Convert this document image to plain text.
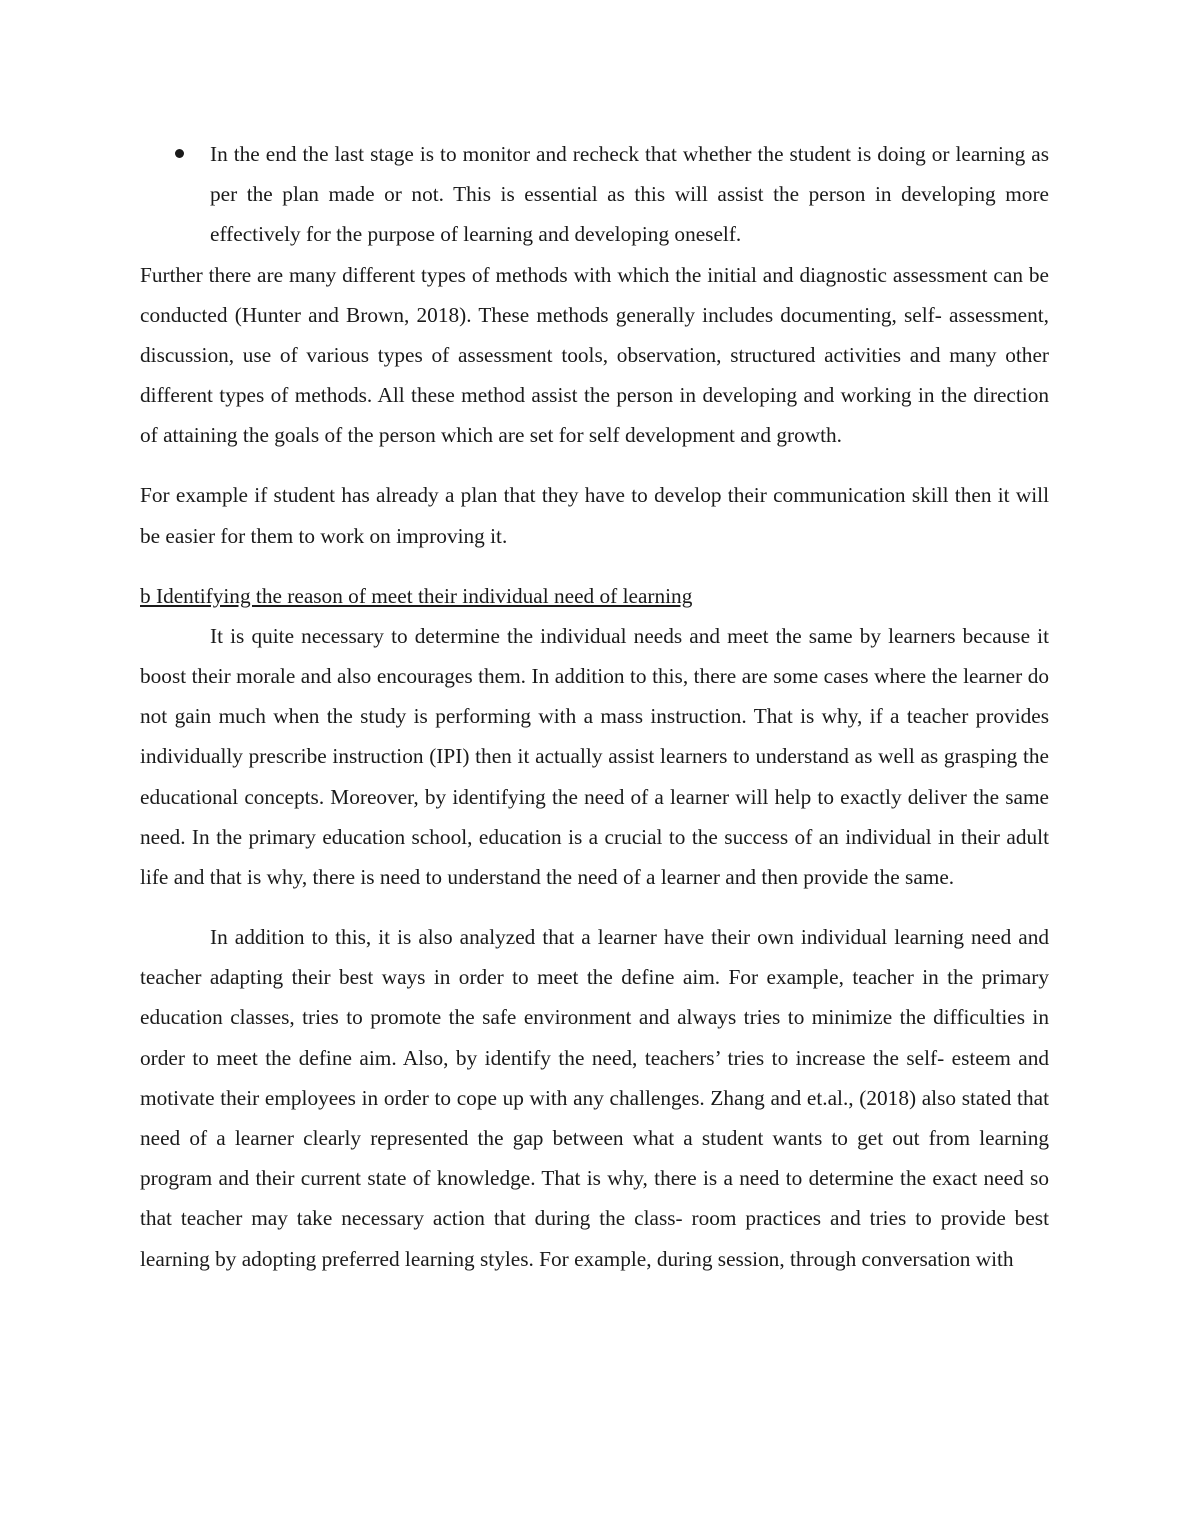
In the end the last stage is to monitor and recheck that whether the student is doing or learning as per the plan made or not. This is essential as this will assist the person in developing more effectively for the purpose of learning and developing oneself.

Further there are many different types of methods with which the initial and diagnostic assessment can be conducted (Hunter and Brown, 2018). These methods generally includes documenting, self- assessment, discussion, use of various types of assessment tools, observation, structured activities and many other different types of methods. All these method assist the person in developing and working in the direction of attaining the goals of the person which are set for self development and growth.

For example if student has already a plan that they have to develop their communication skill then it will be easier for them to work on improving it.

b Identifying the reason of meet their individual need of learning

It is quite necessary to determine the individual needs and meet the same by learners because it boost their morale and also encourages them. In addition to this, there are some cases where the learner do not gain much when the study is performing with a mass instruction. That is why, if a teacher provides individually prescribe instruction (IPI) then it actually assist learners to understand as well as grasping the educational concepts. Moreover, by identifying the need of a learner will help to exactly deliver the same need. In the primary education school, education is a crucial to the success of an individual in their adult life and that is why, there is need to understand the need of a learner and then provide the same.

In addition to this, it is also analyzed that a learner have their own individual learning need and teacher adapting their best ways in order to meet the define aim. For example, teacher in the primary education classes, tries to promote the safe environment and always tries to minimize the difficulties in order to meet the define aim. Also, by identify the need, teachers’ tries to increase the self- esteem and motivate their employees in order to cope up with any challenges. Zhang and et.al., (2018) also stated that need of a learner clearly represented the gap between what a student wants to get out from learning program and their current state of knowledge. That is why, there is a need to determine the exact need so that teacher may take necessary action that during the class- room practices and tries to provide best learning by adopting preferred learning styles. For example, during session, through conversation with
